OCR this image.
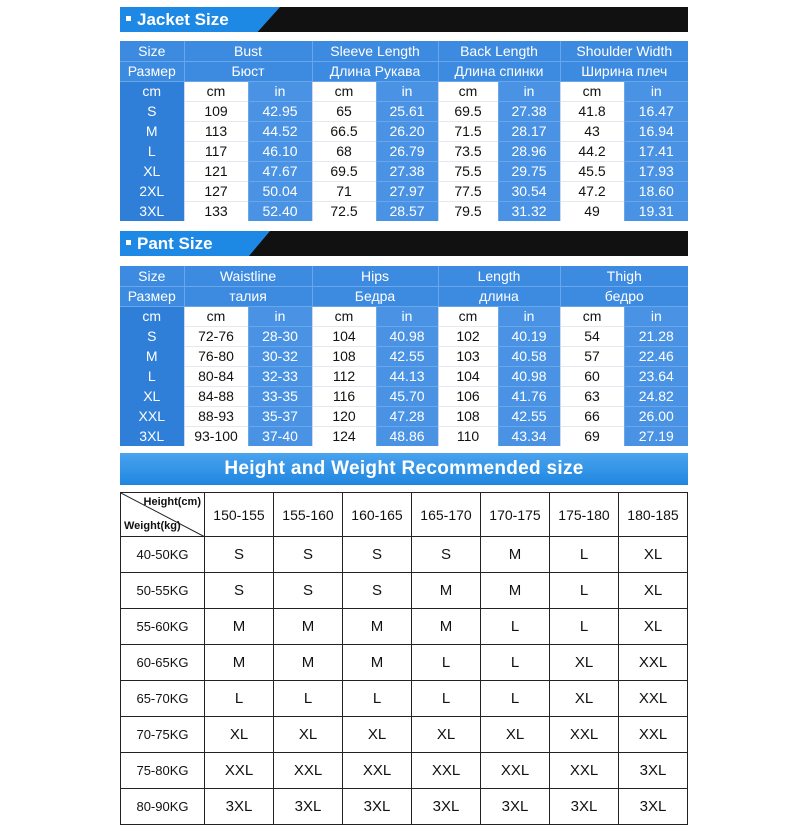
Jacket Size
Size	Bust		Sleeve Length		Back Length		Shoulder Width	
Размер	Бюст		Длина Рукава		Длина спинки		Ширина плеч	
cm	cm	in	cm	in	cm	in	cm	in
S	109	42.95	65	25.61	69.5	27.38	41.8	16.47
M	113	44.52	66.5	26.20	71.5	28.17	43	16.94
L	117	46.10	68	26.79	73.5	28.96	44.2	17.41
XL	121	47.67	69.5	27.38	75.5	29.75	45.5	17.93
2XL	127	50.04	71	27.97	77.5	30.54	47.2	18.60
3XL	133	52.40	72.5	28.57	79.5	31.32	49	19.31
Pant Size
Size	Waistline		Hips		Length		Thigh	
Размер	талия		Бедра		длина		бедро	
cm	cm	in	cm	in	cm	in	cm	in
S	72-76	28-30	104	40.98	102	40.19	54	21.28
M	76-80	30-32	108	42.55	103	40.58	57	22.46
L	80-84	32-33	112	44.13	104	40.98	60	23.64
XL	84-88	33-35	116	45.70	106	41.76	63	24.82
XXL	88-93	35-37	120	47.28	108	42.55	66	26.00
3XL	93-100	37-40	124	48.86	110	43.34	69	27.19
Height and Weight Recommended size
Height(cm)
Weight(kg)	150-155	155-160	160-165	165-170	170-175	175-180	180-185
40-50KG	S	S	S	S	M	L	XL
50-55KG	S	S	S	M	M	L	XL
55-60KG	M	M	M	M	L	L	XL
60-65KG	M	M	M	L	L	XL	XXL
65-70KG	L	L	L	L	L	XL	XXL
70-75KG	XL	XL	XL	XL	XL	XXL	XXL
75-80KG	XXL	XXL	XXL	XXL	XXL	XXL	3XL
80-90KG	3XL	3XL	3XL	3XL	3XL	3XL	3XL
